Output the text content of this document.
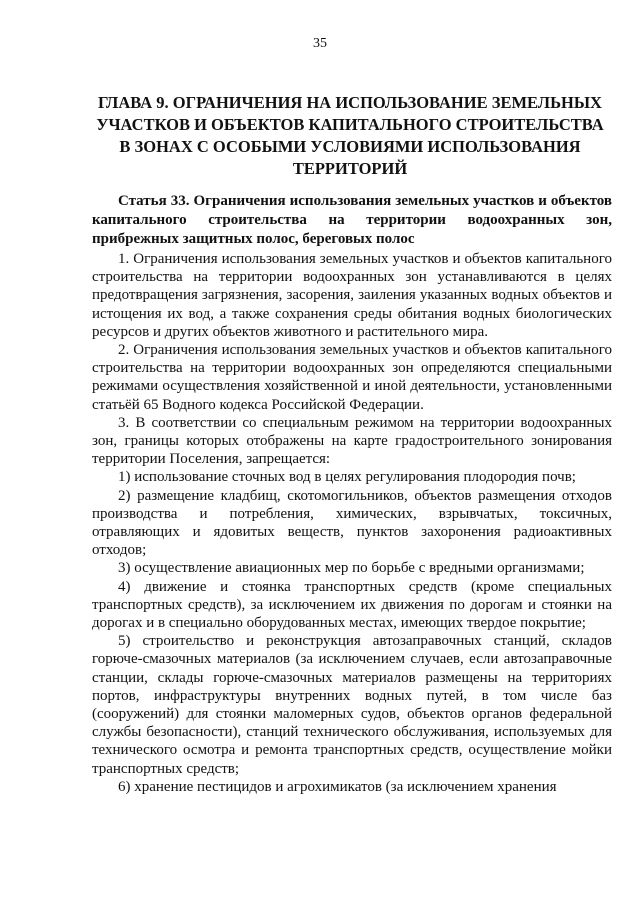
35
ГЛАВА 9. ОГРАНИЧЕНИЯ НА ИСПОЛЬЗОВАНИЕ ЗЕМЕЛЬНЫХ УЧАСТКОВ И ОБЪЕКТОВ КАПИТАЛЬНОГО СТРОИТЕЛЬСТВА В ЗОНАХ С ОСОБЫМИ УСЛОВИЯМИ ИСПОЛЬЗОВАНИЯ ТЕРРИТОРИЙ
Статья 33. Ограничения использования земельных участков и объектов капитального строительства на территории водоохранных зон, прибрежных защитных полос, береговых полос

1. Ограничения использования земельных участков и объектов капитального строительства на территории водоохранных зон устанавливаются в целях предотвращения загрязнения, засорения, заиления указанных водных объектов и истощения их вод, а также сохранения среды обитания водных биологических ресурсов и других объектов животного и растительного мира.

2. Ограничения использования земельных участков и объектов капитального строительства на территории водоохранных зон определяются специальными режимами осуществления хозяйственной и иной деятельности, установленными статьёй 65 Водного кодекса Российской Федерации.

3. В соответствии со специальным режимом на территории водоохранных зон, границы которых отображены на карте градостроительного зонирования территории Поселения, запрещается:

1) использование сточных вод в целях регулирования плодородия почв;

2) размещение кладбищ, скотомогильников, объектов размещения отходов производства и потребления, химических, взрывчатых, токсичных, отравляющих и ядовитых веществ, пунктов захоронения радиоактивных отходов;

3) осуществление авиационных мер по борьбе с вредными организмами;

4) движение и стоянка транспортных средств (кроме специальных транспортных средств), за исключением их движения по дорогам и стоянки на дорогах и в специально оборудованных местах, имеющих твердое покрытие;

5) строительство и реконструкция автозаправочных станций, складов горюче-смазочных материалов (за исключением случаев, если автозаправочные станции, склады горюче-смазочных материалов размещены на территориях портов, инфраструктуры внутренних водных путей, в том числе баз (сооружений) для стоянки маломерных судов, объектов органов федеральной службы безопасности), станций технического обслуживания, используемых для технического осмотра и ремонта транспортных средств, осуществление мойки транспортных средств;

6) хранение пестицидов и агрохимикатов (за исключением хранения
